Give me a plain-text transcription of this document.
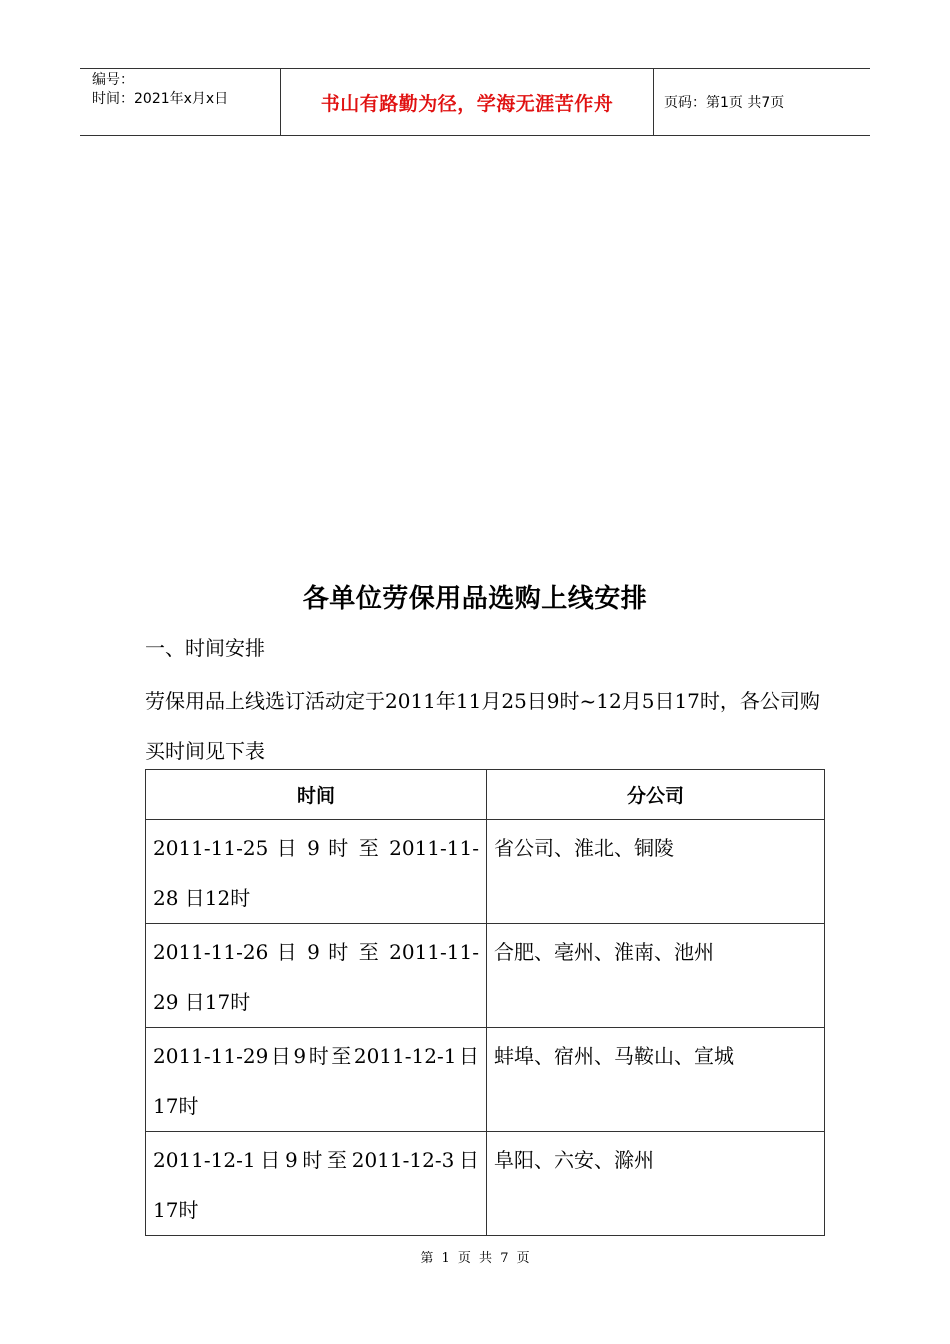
编号：
时间：2021年x月x日	书山有路勤为径，学海无涯苦作舟	页码：第1页 共7页
各单位劳保用品选购上线安排
一、时间安排
劳保用品上线选订活动定于2011年11月25日9时~12月5日17时，各公司购买时间见下表
时间	分公司
2011-11-25 日 9 时 至 2011-11-28 日12时	省公司、淮北、铜陵
2011-11-26 日 9 时 至 2011-11-29 日17时	合肥、亳州、淮南、池州
2011-11-29日9时至2011-12-1日 17时	蚌埠、宿州、马鞍山、宣城
2011-12-1日9时至2011-12-3日 17时	阜阳、六安、滁州
第 1 页 共 7 页
